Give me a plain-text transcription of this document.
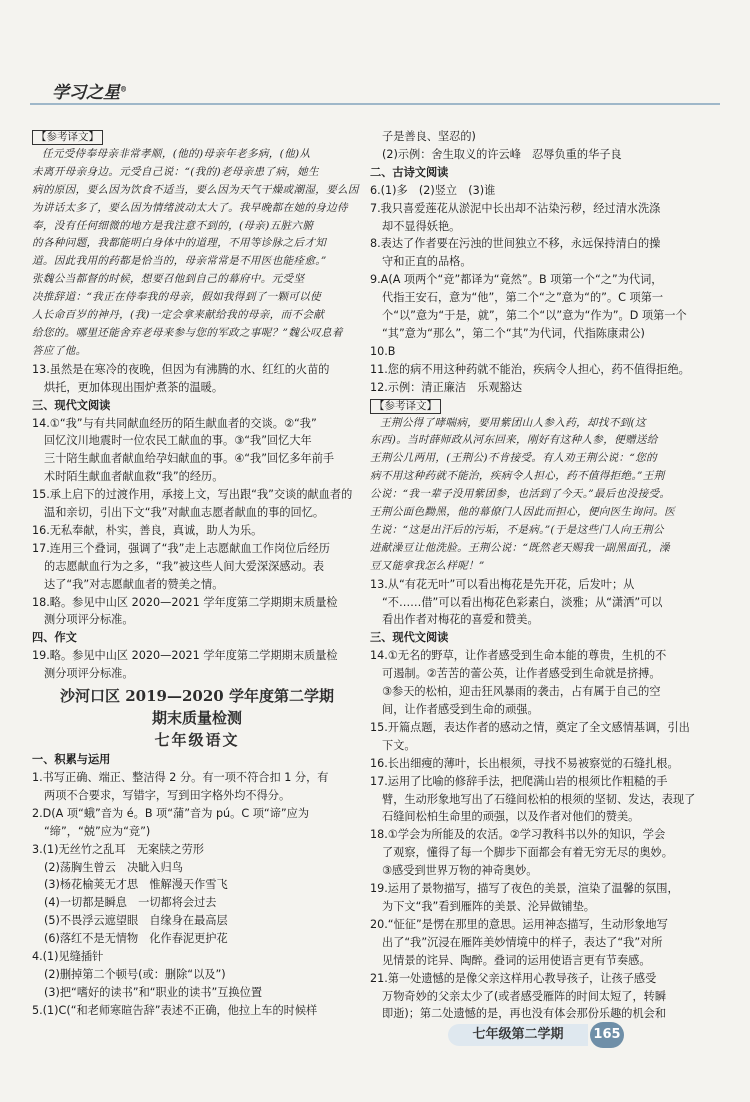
学习之星®
【参考译文】
任元受侍奉母亲非常孝顺，(他的)母亲年老多病，(他)从
未离开母亲身边。元受自己说：“(我的)老母亲患了病，她生
病的原因，要么因为饮食不适当，要么因为天气干燥或潮湿，要么因
为讲话太多了，要么因为情绪波动太大了。我早晚都在她的身边侍
奉，没有任何细微的地方是我注意不到的，(母亲)五脏六腑
的各种问题，我都能明白身体中的道理，不用等诊脉之后才知
道。因此我用的药都是恰当的，母亲常常是不用医也能痊愈。”
张魏公当都督的时候，想要召他到自己的幕府中。元受坚
决推辞道：“我正在侍奉我的母亲，假如我得到了一颗可以使
人长命百岁的神丹，(我)一定会拿来献给我的母亲，而不会献
给您的。哪里还能舍弃老母来参与您的军政之事呢？”魏公叹息着
答应了他。
13.虽然是在寒冷的夜晚，但因为有沸腾的水、红红的火苗的
烘托，更加体现出围炉煮茶的温暖。
三、现代文阅读
14.①“我”与有共同献血经历的陌生献血者的交谈。②“我”
回忆汶川地震时一位农民工献血的事。③“我”回忆大年
三十陪生献血者献血给孕妇献血的事。④“我”回忆多年前手
术时陌生献血者献血救“我”的经历。
15.承上启下的过渡作用，承接上文，写出跟“我”交谈的献血者的
温和亲切，引出下文“我”对献血志愿者献血的事的回忆。
16.无私奉献，朴实，善良，真诚，助人为乐。
17.连用三个叠词，强调了“我”走上志愿献血工作岗位后经历
的志愿献血行为之多，“我”被这些人间大爱深深感动。表
达了“我”对志愿献血者的赞美之情。
18.略。参见中山区 2020—2021 学年度第二学期期末质量检
测分项评分标准。
四、作文
19.略。参见中山区 2020—2021 学年度第二学期期末质量检
测分项评分标准。
沙河口区 2019—2020 学年度第二学期
期末质量检测
七年级语文
一、积累与运用
1.书写正确、端正、整洁得 2 分。有一项不符合扣 1 分，有
两项不合要求，写错字，写到田字格外均不得分。
2.D(A 项“蛾”音为 é。B 项“蒲”音为 pú。C 项“谛”应为
“缔”，“兢”应为“竞”)
3.(1)无丝竹之乱耳　无案牍之劳形
(2)荡胸生曾云　决眦入归鸟
(3)杨花榆荚无才思　惟解漫天作雪飞
(4)一切都是瞬息　一切都将会过去
(5)不畏浮云遮望眼　自缘身在最高层
(6)落红不是无情物　化作春泥更护花
4.(1)见缝插针
(2)删掉第二个顿号(或：删除“以及”)
(3)把“嗜好的读书”和“职业的读书”互换位置
5.(1)C(“和老师寒暄告辞”表述不正确，他拉上车的时候样
子是善良、坚忍的)
(2)示例：舍生取义的许云峰　忍辱负重的华子良
二、古诗文阅读
6.(1)多　(2)竖立　(3)谁
7.我只喜爱莲花从淤泥中长出却不沾染污秽，经过清水洗涤
却不显得妖艳。
8.表达了作者要在污浊的世间独立不移，永远保持清白的操
守和正直的品格。
9.A(A 项两个“竞”都译为“竟然”。B 项第一个“之”为代词，
代指王安石，意为“他”，第二个“之”意为“的”。C 项第一
个“以”意为“于是，就”，第二个“以”意为“作为”。D 项第一个
“其”意为“那么”，第二个“其”为代词，代指陈康肃公)
10.B
11.您的病不用这种药就不能治，疾病令人担心，药不值得拒绝。
12.示例：清正廉洁　乐观豁达
【参考译文】
王荆公得了哮喘病，要用紫团山人参入药，却找不到(这
东西)。当时薛师政从河东回来，刚好有这种人参，便赠送给
王荆公几两用，(王荆公)不肯接受。有人劝王荆公说：“您的
病不用这种药就不能治，疾病令人担心，药不值得拒绝。”王荆
公说：“我一辈子没用紫团参，也活到了今天。”最后也没接受。
王荆公面色黝黑，他的幕僚门人因此而担心，便向医生询问。医
生说：“这是出汗后的污垢，不是病。”(于是这些门人向王荆公
进献澡豆让他洗脸。王荆公说：“既然老天赐我一副黑面孔，澡
豆又能拿我怎么样呢！”
13.从“有花无叶”可以看出梅花是先开花，后发叶；从
“不……借”可以看出梅花色彩素白，淡雅；从“潇洒”可以
看出作者对梅花的喜爱和赞美。
三、现代文阅读
14.①无名的野草，让作者感受到生命本能的尊贵，生机的不
可遏制。②苦苦的蕾公英，让作者感受到生命就是挤搏。
③参天的松柏，迎击狂风暴雨的袭击，占有属于自己的空
间，让作者感受到生命的顽强。
15.开篇点题，表达作者的感动之情，奠定了全文感情基调，引出
下文。
16.长出细瘦的薄叶，长出根须，寻找不易被察觉的石缝扎根。
17.运用了比喻的修辞手法，把爬满山岩的根须比作粗糙的手
臂，生动形象地写出了石缝间松柏的根须的坚韧、发达，表现了
石缝间松柏生命里的顽强，以及作者对他们的赞美。
18.①学会为所能及的农活。②学习教科书以外的知识，学会
了观察，懂得了每一个脚步下面都会有着无穷无尽的奥妙。
③感受到世界万物的神奇奥妙。
19.运用了景物描写，描写了夜色的美景，渲染了温馨的氛围，
为下文“我”看到雁阵的美景、沦异做铺垫。
20.“怔征”是愣在那里的意思。运用神态描写，生动形象地写
出了“我”沉浸在雁阵美妙情境中的样子，表达了“我”对所
见情景的诧异、陶醉。叠词的运用使语言更有节奏感。
21.第一处遗憾的是像父亲这样用心教导孩子，让孩子感受
万物奇妙的父亲太少了(或者感受雁阵的时间太短了，转瞬
即逝)；第二处遗憾的是，再也没有体会那份乐趣的机会和
七年级第二学期	165
